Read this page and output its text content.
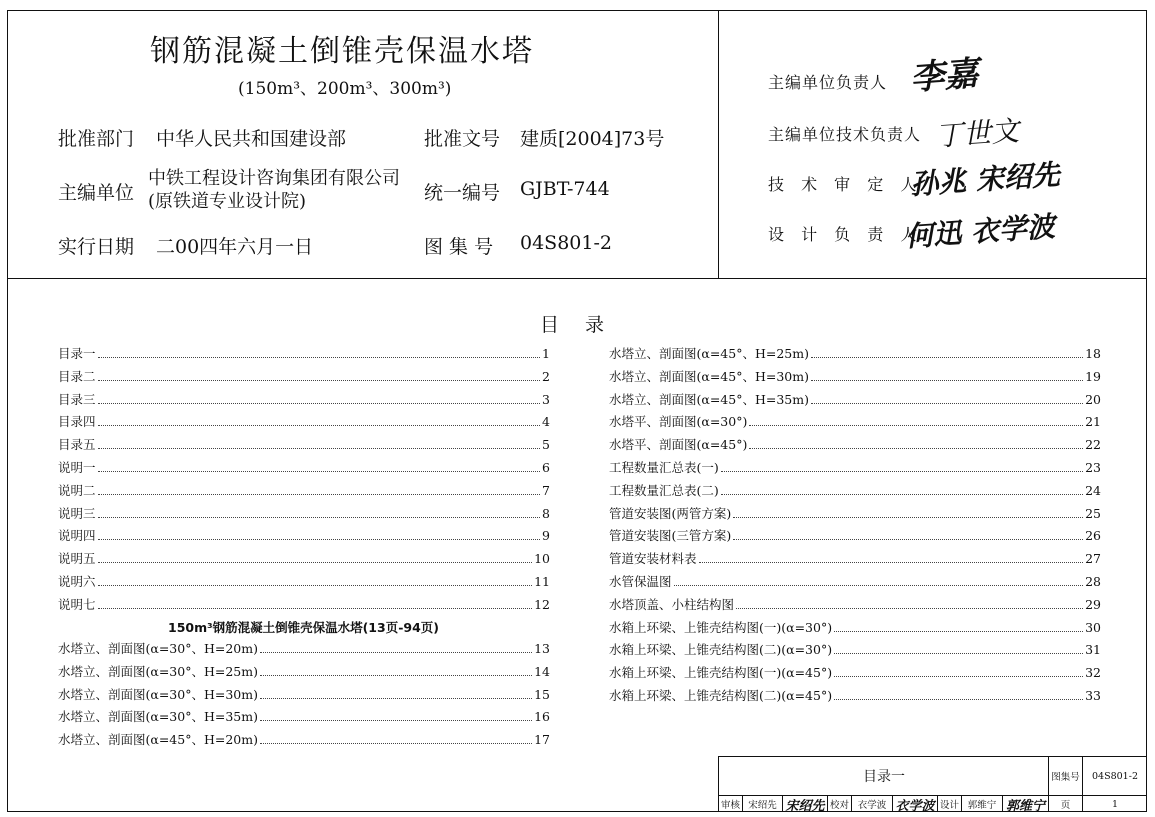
钢筋混凝土倒锥壳保温水塔
(150m³、200m³、300m³)
批准部门 中华人民共和国建设部	批准文号 建质[2004]73号
主编单位
中铁工程设计咨询集团有限公司
(原铁道专业设计院)	统一编号 GJBT-744
实行日期 二00四年六月一日	图 集 号 04S801-2
主编单位负责人 李嘉
主编单位技术负责人 丁世文
技 术 审 定 人
孙兆 宋绍先
设 计 负 责 人
何迅 衣学波
目 录
目录一	1
目录二	2
目录三	3
目录四	4
目录五	5
说明一	6
说明二	7
说明三	8
说明四	9
说明五	10
说明六	11
说明七	12
150m³钢筋混凝土倒锥壳保温水塔(13页-94页)
水塔立、剖面图(α=30°、H=20m)	13
水塔立、剖面图(α=30°、H=25m)	14
水塔立、剖面图(α=30°、H=30m)	15
水塔立、剖面图(α=30°、H=35m)	16
水塔立、剖面图(α=45°、H=20m)	17
水塔立、剖面图(α=45°、H=25m)	18
水塔立、剖面图(α=45°、H=30m)	19
水塔立、剖面图(α=45°、H=35m)	20
水塔平、剖面图(α=30°)	21
水塔平、剖面图(α=45°)	22
工程数量汇总表(一)	23
工程数量汇总表(二)	24
管道安装图(两管方案)	25
管道安装图(三管方案)	26
管道安装材料表	27
水管保温图	28
水塔顶盖、小柱结构图	29
水箱上环梁、上锥壳结构图(一)(α=30°)	30
水箱上环梁、上锥壳结构图(二)(α=30°)	31
水箱上环梁、上锥壳结构图(一)(α=45°)	32
水箱上环梁、上锥壳结构图(二)(α=45°)	33
目录一	图集号	04S801-2
审核 宋绍先 宋绍先 校对 衣学波 衣学波 设计 郭维宁 郭维宁	页	1
